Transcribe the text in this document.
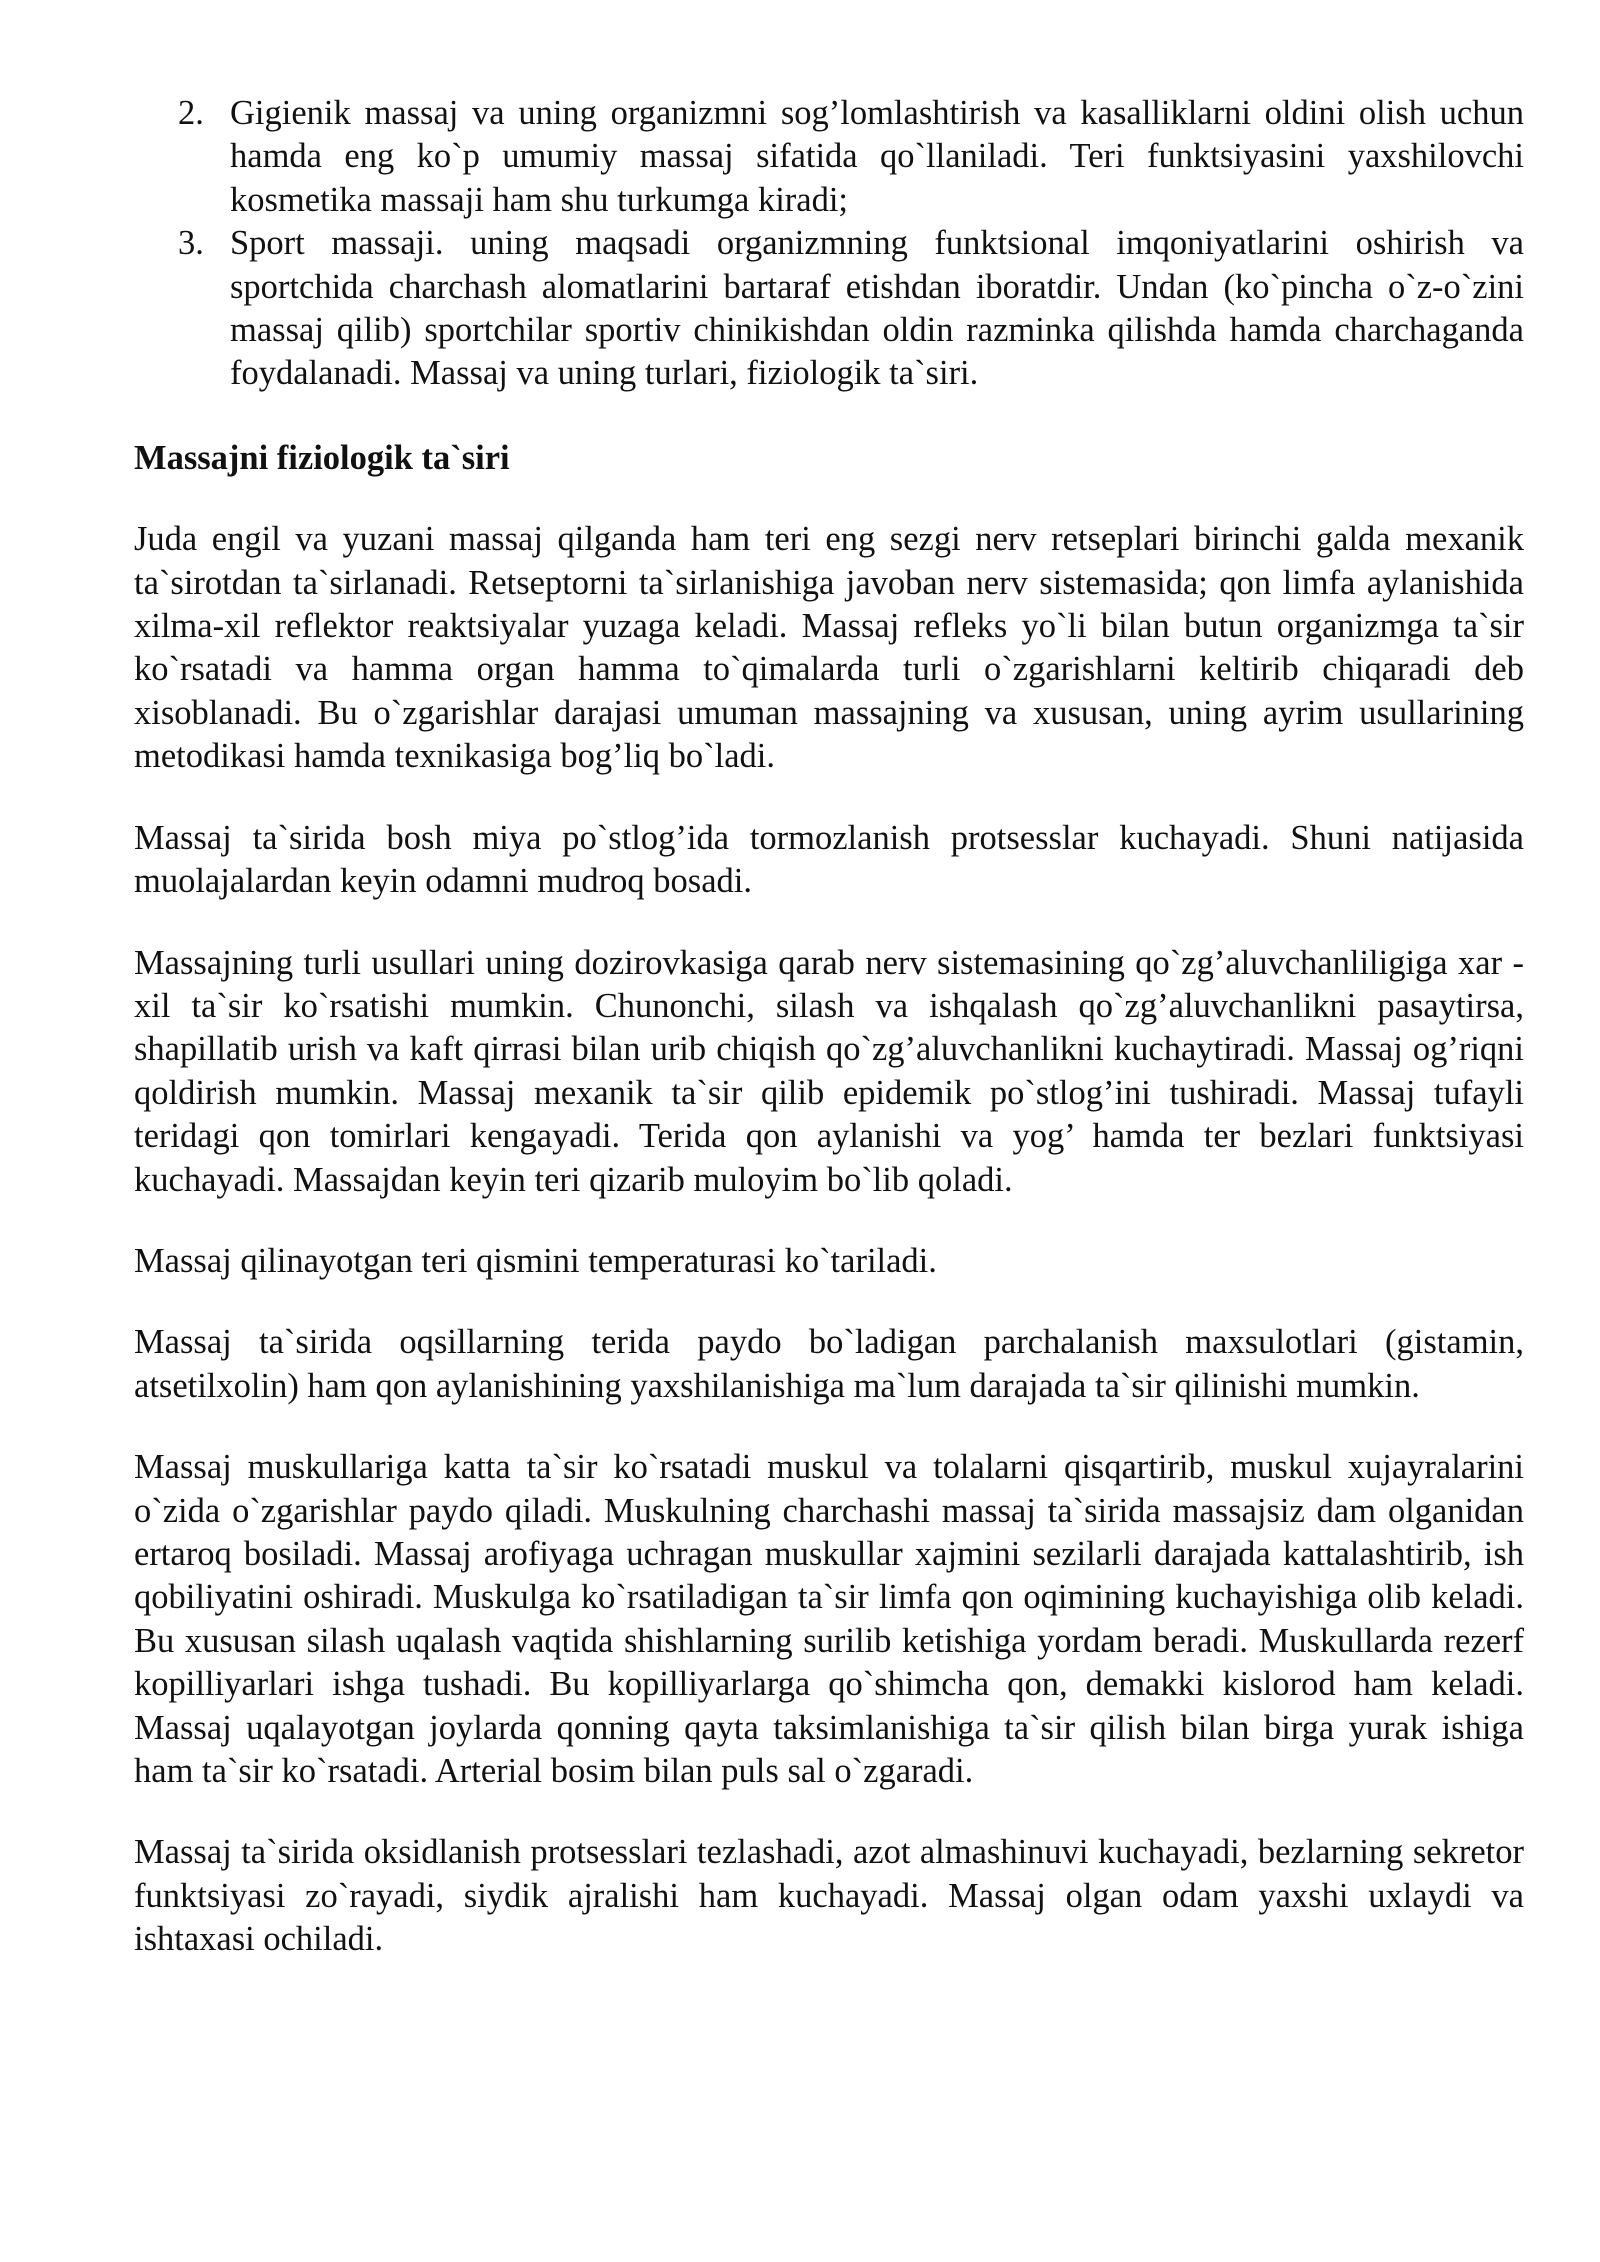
2. Gigienik massaj va uning organizmni sog’lomlashtirish va kasalliklarni oldini olish uchun hamda eng ko`p umumiy massaj sifatida qo`llaniladi. Teri funktsiyasini yaxshilovchi kosmetika massaji ham shu turkumga kiradi;
3. Sport massaji. uning maqsadi organizmning funktsional imqoniyatlarini oshirish va sportchida charchash alomatlarini bartaraf etishdan iboratdir. Undan (ko`pincha o`z-o`zini massaj qilib) sportchilar sportiv chinikishdan oldin razminka qilishda hamda charchaganda foydalanadi. Massaj va uning turlari, fiziologik ta`siri.
Massajni fiziologik ta`siri

Juda engil va yuzani massaj qilganda ham teri eng sezgi nerv retseplari birinchi galda mexanik ta`sirotdan ta`sirlanadi. Retseptorni ta`sirlanishiga javoban nerv sistemasida; qon limfa aylanishida xilma-xil reflektor reaktsiyalar yuzaga keladi. Massaj refleks yo`li bilan butun organizmga ta`sir ko`rsatadi va hamma organ hamma to`qimalarda turli o`zgarishlarni keltirib chiqaradi deb xisoblanadi. Bu o`zgarishlar darajasi umuman massajning va xususan, uning ayrim usullarining metodikasi hamda texnikasiga bog’liq bo`ladi.

Massaj ta`sirida bosh miya po`stlog’ida tormozlanish protsesslar kuchayadi. Shuni natijasida muolajalardan keyin odamni mudroq bosadi.

Massajning turli usullari uning dozirovkasiga qarab nerv sistemasining qo`zg’aluvchanliligiga xar -xil ta`sir ko`rsatishi mumkin. Chunonchi, silash va ishqalash qo`zg’aluvchanlikni pasaytirsa, shapillatib urish va kaft qirrasi bilan urib chiqish qo`zg’aluvchanlikni kuchaytiradi. Massaj og’riqni qoldirish mumkin. Massaj mexanik ta`sir qilib epidemik po`stlog’ini tushiradi. Massaj tufayli teridagi qon tomirlari kengayadi. Terida qon aylanishi va yog’ hamda ter bezlari funktsiyasi kuchayadi. Massajdan keyin teri qizarib muloyim bo`lib qoladi.

Massaj qilinayotgan teri qismini temperaturasi ko`tariladi.

Massaj ta`sirida oqsillarning terida paydo bo`ladigan parchalanish maxsulotlari (gistamin, atsetilxolin) ham qon aylanishining yaxshilanishiga ma`lum darajada ta`sir qilinishi mumkin.

Massaj muskullariga katta ta`sir ko`rsatadi muskul va tolalarni qisqartirib, muskul xujayralarini o`zida o`zgarishlar paydo qiladi. Muskulning charchashi massaj ta`sirida massajsiz dam olganidan ertaroq bosiladi. Massaj arofiyaga uchragan muskullar xajmini sezilarli darajada kattalashtirib, ish qobiliyatini oshiradi. Muskulga ko`rsatiladigan ta`sir limfa qon oqimining kuchayishiga olib keladi. Bu xususan silash uqalash vaqtida shishlarning surilib ketishiga yordam beradi. Muskullarda rezerf kopilliyarlari ishga tushadi. Bu kopilliyarlarga qo`shimcha qon, demakki kislorod ham keladi. Massaj uqalayotgan joylarda qonning qayta taksimlanishiga ta`sir qilish bilan birga yurak ishiga ham ta`sir ko`rsatadi. Arterial bosim bilan puls sal o`zgaradi.

Massaj ta`sirida oksidlanish protsesslari tezlashadi, azot almashinuvi kuchayadi, bezlarning sekretor funktsiyasi zo`rayadi, siydik ajralishi ham kuchayadi. Massaj olgan odam yaxshi uxlaydi va ishtaxasi ochiladi.
